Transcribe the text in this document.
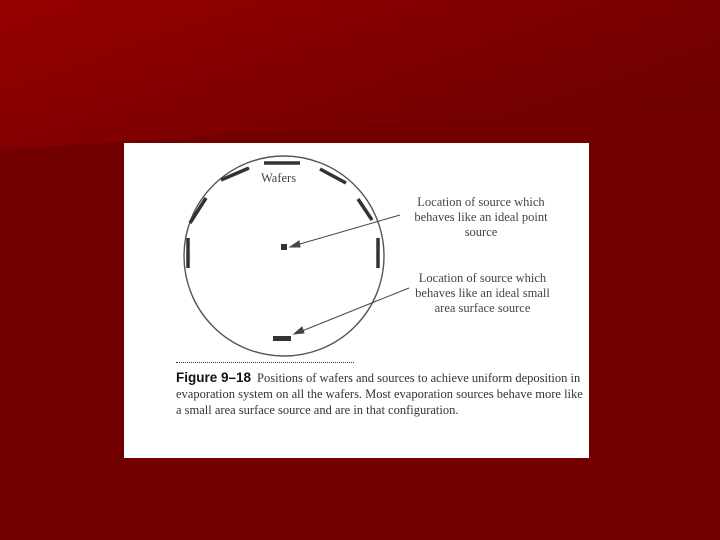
Wafers
Location of source which
behaves like an ideal point
source
Location of source which
behaves like an ideal small
area surface source
Figure 9–18 Positions of wafers and sources to achieve uniform deposition in evaporation system on all the wafers. Most evaporation sources behave more like a small area surface source and are in that configuration.
